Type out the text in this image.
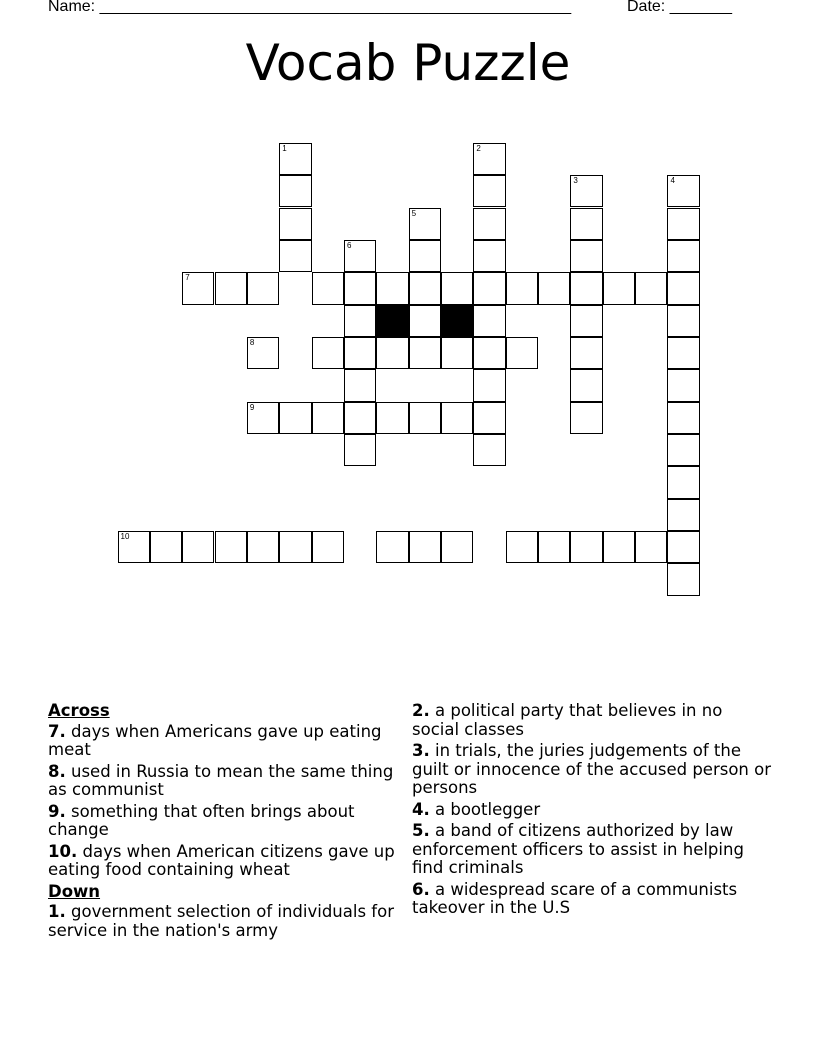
Name: _____________________________________________________	Date: _______
Vocab Puzzle
1	2
3	4
5
6
7
8
9
10
Across
7. days when Americans gave up eating meat
8. used in Russia to mean the same thing as communist
9. something that often brings about change
10. days when American citizens gave up eating food containing wheat
Down
1. government selection of individuals for service in the nation's army
2. a political party that believes in no social classes
3. in trials, the juries judgements of the guilt or innocence of the accused person or persons
4. a bootlegger
5. a band of citizens authorized by law enforcement officers to assist in helping find criminals
6. a widespread scare of a communists takeover in the U.S
